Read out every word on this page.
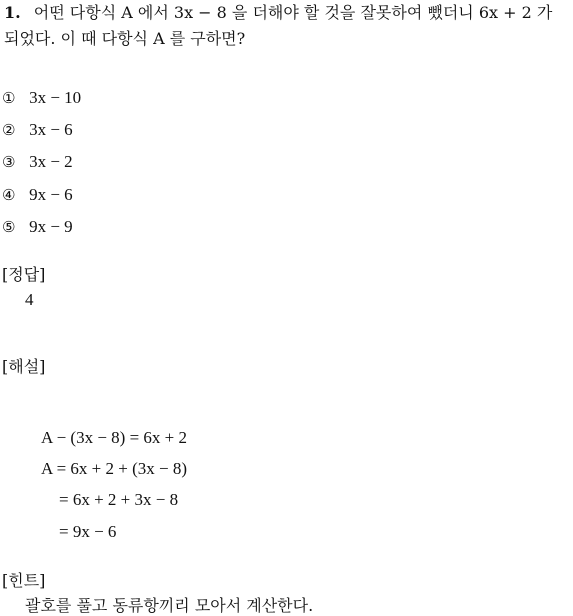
1. 어떤 다항식 A 에서 3x − 8 을 더해야 할 것을 잘못하여 뺐더니 6x + 2 가
되었다. 이 때 다항식 A 를 구하면?
① 3x − 10
② 3x − 6
③ 3x − 2
④ 9x − 6
⑤ 9x − 9
[정답]
4
[해설]
A − (3x − 8) = 6x + 2
A = 6x + 2 + (3x − 8)
= 6x + 2 + 3x − 8
= 9x − 6
[힌트]
괄호를 풀고 동류항끼리 모아서 계산한다.
